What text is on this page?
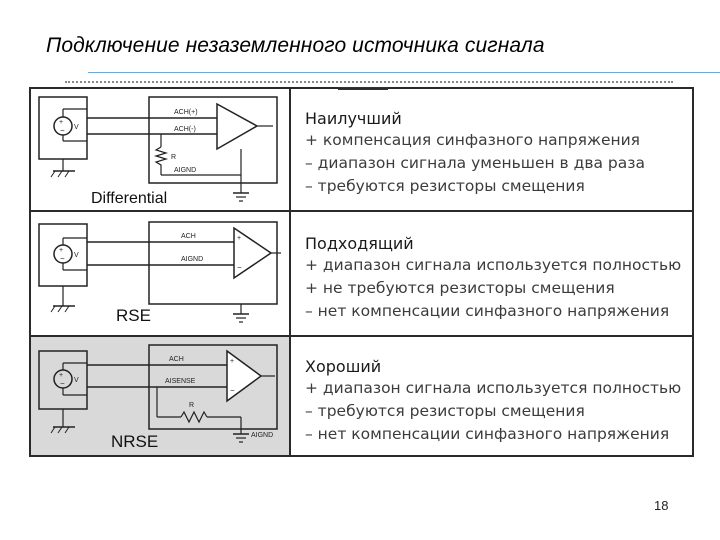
Подключение незаземленного источника сигнала
+
− V
ACH(+)
ACH(-)
R
AIGND
Differential
Наилучший
+ компенсация синфазного напряжения
– диапазон сигнала уменьшен в два раза
– требуются резисторы смещения
+
− V
ACH
AIGND
+
−
RSE
Подходящий
+ диапазон сигнала используется полностью
+ не требуются резисторы смещения
– нет компенсации синфазного напряжения
+
− V
ACH
AISENSE
+
−
R
AIGND
NRSE
Хороший
+ диапазон сигнала используется полностью
– требуются резисторы смещения
– нет компенсации синфазного напряжения
18
